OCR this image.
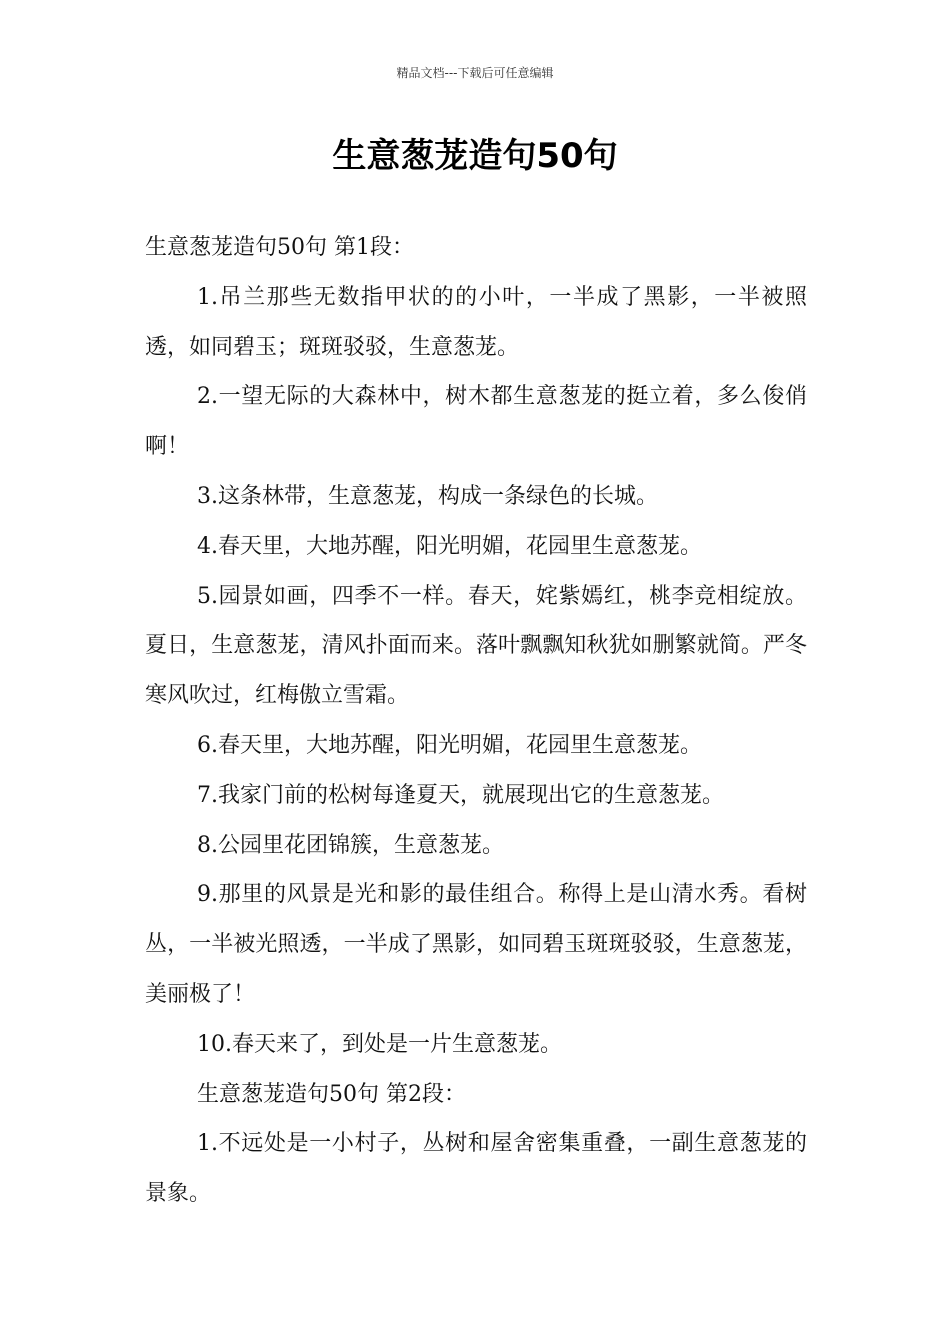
精品文档---下载后可任意编辑
生意葱茏造句50句

生意葱茏造句50句 第1段：

1.吊兰那些无数指甲状的的小叶，一半成了黑影，一半被照透，如同碧玉；斑斑驳驳，生意葱茏。

2.一望无际的大森林中，树木都生意葱茏的挺立着，多么俊俏啊！

3.这条林带，生意葱茏，构成一条绿色的长城。

4.春天里，大地苏醒，阳光明媚，花园里生意葱茏。

5.园景如画，四季不一样。春天，姹紫嫣红，桃李竞相绽放。夏日，生意葱茏，清风扑面而来。落叶飘飘知秋犹如删繁就简。严冬寒风吹过，红梅傲立雪霜。

6.春天里，大地苏醒，阳光明媚，花园里生意葱茏。

7.我家门前的松树每逢夏天，就展现出它的生意葱茏。

8.公园里花团锦簇，生意葱茏。

9.那里的风景是光和影的最佳组合。称得上是山清水秀。看树丛，一半被光照透，一半成了黑影，如同碧玉斑斑驳驳，生意葱茏，美丽极了！

10.春天来了，到处是一片生意葱茏。

生意葱茏造句50句 第2段：

1.不远处是一小村子，丛树和屋舍密集重叠，一副生意葱茏的景象。
